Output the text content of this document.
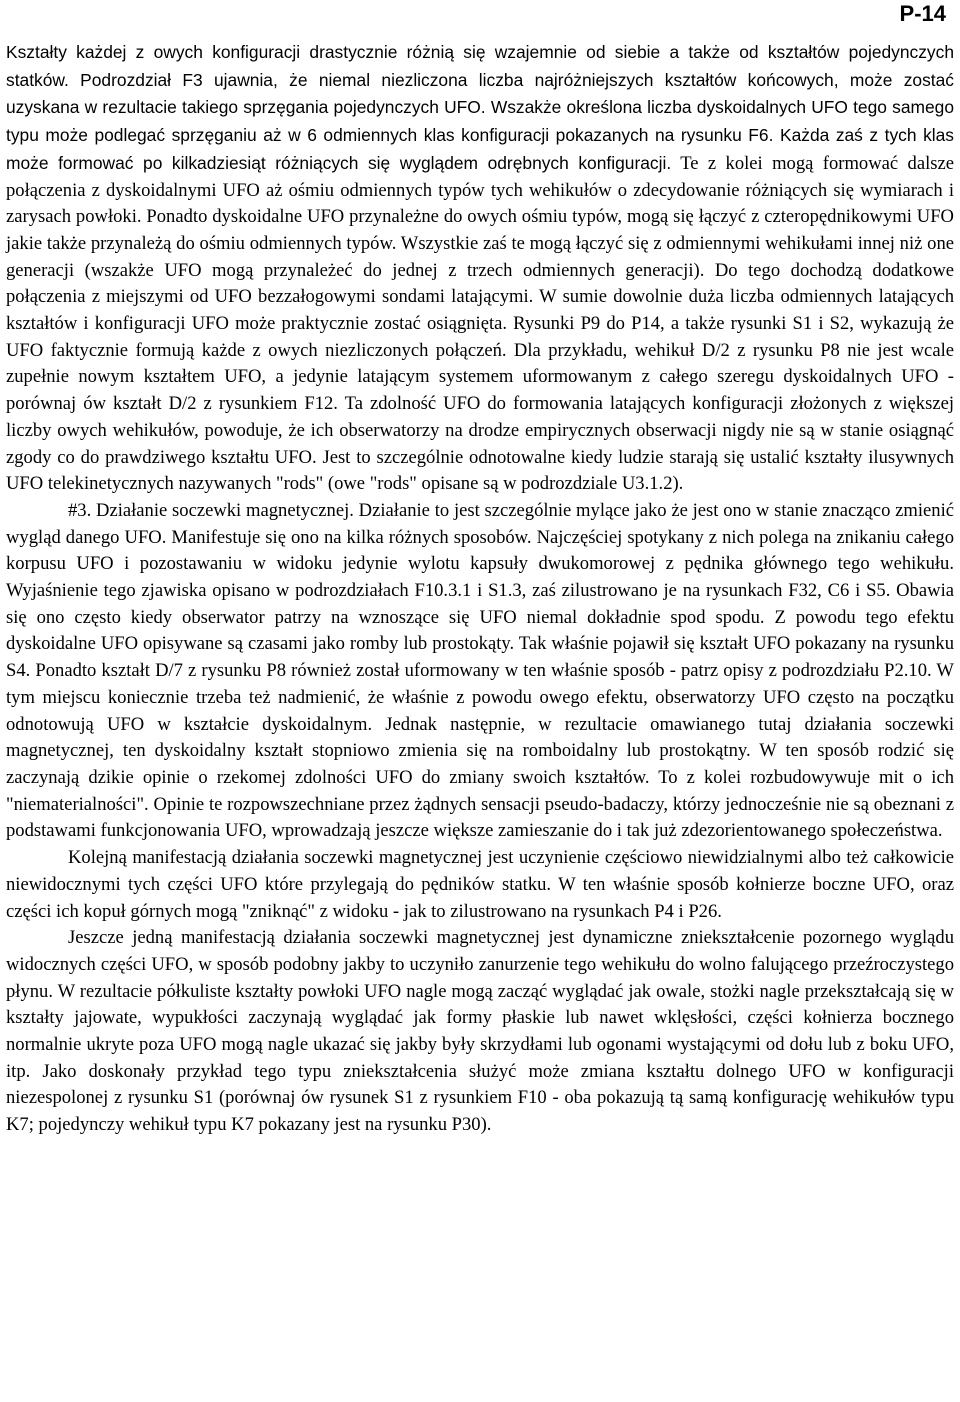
P-14

Kształty każdej z owych konfiguracji drastycznie różnią się wzajemnie od siebie a także od kształtów pojedynczych statków. Podrozdział F3 ujawnia, że niemal niezliczona liczba najróżniejszych kształtów końcowych, może zostać uzyskana w rezultacie takiego sprzęgania pojedynczych UFO. Wszakże określona liczba dyskoidalnych UFO tego samego typu może podlegać sprzęganiu aż w 6 odmiennych klas konfiguracji pokazanych na rysunku F6. Każda zaś z tych klas może formować po kilkadziesiąt różniących się wyglądem odrębnych konfiguracji. Te z kolei mogą formować dalsze połączenia z dyskoidalnymi UFO aż ośmiu odmiennych typów tych wehikułów o zdecydowanie różniących się wymiarach i zarysach powłoki. Ponadto dyskoidalne UFO przynależne do owych ośmiu typów, mogą się łączyć z czteropędnikowymi UFO jakie także przynależą do ośmiu odmiennych typów. Wszystkie zaś te mogą łączyć się z odmiennymi wehikułami innej niż one generacji (wszakże UFO mogą przynależeć do jednej z trzech odmiennych generacji). Do tego dochodzą dodatkowe połączenia z miejszymi od UFO bezzałogowymi sondami latającymi. W sumie dowolnie duża liczba odmiennych latających kształtów i konfiguracji UFO może praktycznie zostać osiągnięta. Rysunki P9 do P14, a także rysunki S1 i S2, wykazują że UFO faktycznie formują każde z owych niezliczonych połączeń. Dla przykładu, wehikuł D/2 z rysunku P8 nie jest wcale zupełnie nowym kształtem UFO, a jedynie latającym systemem uformowanym z całego szeregu dyskoidalnych UFO - porównaj ów kształt D/2 z rysunkiem F12. Ta zdolność UFO do formowania latających konfiguracji złożonych z większej liczby owych wehikułów, powoduje, że ich obserwatorzy na drodze empirycznych obserwacji nigdy nie są w stanie osiągnąć zgody co do prawdziwego kształtu UFO. Jest to szczególnie odnotowalne kiedy ludzie starają się ustalić kształty ilusywnych UFO telekinetycznych nazywanych "rods" (owe "rods" opisane są w podrozdziale U3.1.2).

#3. Działanie soczewki magnetycznej. Działanie to jest szczególnie mylące jako że jest ono w stanie znacząco zmienić wygląd danego UFO. Manifestuje się ono na kilka różnych sposobów. Najczęściej spotykany z nich polega na znikaniu całego korpusu UFO i pozostawaniu w widoku jedynie wylotu kapsuły dwukomorowej z pędnika głównego tego wehikułu. Wyjaśnienie tego zjawiska opisano w podrozdziałach F10.3.1 i S1.3, zaś zilustrowano je na rysunkach F32, C6 i S5. Obawia się ono często kiedy obserwator patrzy na wznoszące się UFO niemal dokładnie spod spodu. Z powodu tego efektu dyskoidalne UFO opisywane są czasami jako romby lub prostokąty. Tak właśnie pojawił się kształt UFO pokazany na rysunku S4. Ponadto kształt D/7 z rysunku P8 również został uformowany w ten właśnie sposób - patrz opisy z podrozdziału P2.10. W tym miejscu koniecznie trzeba też nadmienić, że właśnie z powodu owego efektu, obserwatorzy UFO często na początku odnotowują UFO w kształcie dyskoidalnym. Jednak następnie, w rezultacie omawianego tutaj działania soczewki magnetycznej, ten dyskoidalny kształt stopniowo zmienia się na romboidalny lub prostokątny. W ten sposób rodzić się zaczynają dzikie opinie o rzekomej zdolności UFO do zmiany swoich kształtów. To z kolei rozbudowywuje mit o ich "niematerialności". Opinie te rozpowszechniane przez żądnych sensacji pseudo-badaczy, którzy jednocześnie nie są obeznani z podstawami funkcjonowania UFO, wprowadzają jeszcze większe zamieszanie do i tak już zdezorientowanego społeczeństwa.

Kolejną manifestacją działania soczewki magnetycznej jest uczynienie częściowo niewidzialnymi albo też całkowicie niewidocznymi tych części UFO które przylegają do pędników statku. W ten właśnie sposób kołnierze boczne UFO, oraz części ich kopuł górnych mogą "zniknąć" z widoku - jak to zilustrowano na rysunkach P4 i P26.

Jeszcze jedną manifestacją działania soczewki magnetycznej jest dynamiczne zniekształcenie pozornego wyglądu widocznych części UFO, w sposób podobny jakby to uczyniło zanurzenie tego wehikułu do wolno falującego przeźroczystego płynu. W rezultacie półkuliste kształty powłoki UFO nagle mogą zacząć wyglądać jak owale, stożki nagle przekształcają się w kształty jajowate, wypukłości zaczynają wyglądać jak formy płaskie lub nawet wklęsłości, części kołnierza bocznego normalnie ukryte poza UFO mogą nagle ukazać się jakby były skrzydłami lub ogonami wystającymi od dołu lub z boku UFO, itp. Jako doskonały przykład tego typu zniekształcenia służyć może zmiana kształtu dolnego UFO w konfiguracji niezespolonej z rysunku S1 (porównaj ów rysunek S1 z rysunkiem F10 - oba pokazują tą samą konfigurację wehikułów typu K7; pojedynczy wehikuł typu K7 pokazany jest na rysunku P30).
